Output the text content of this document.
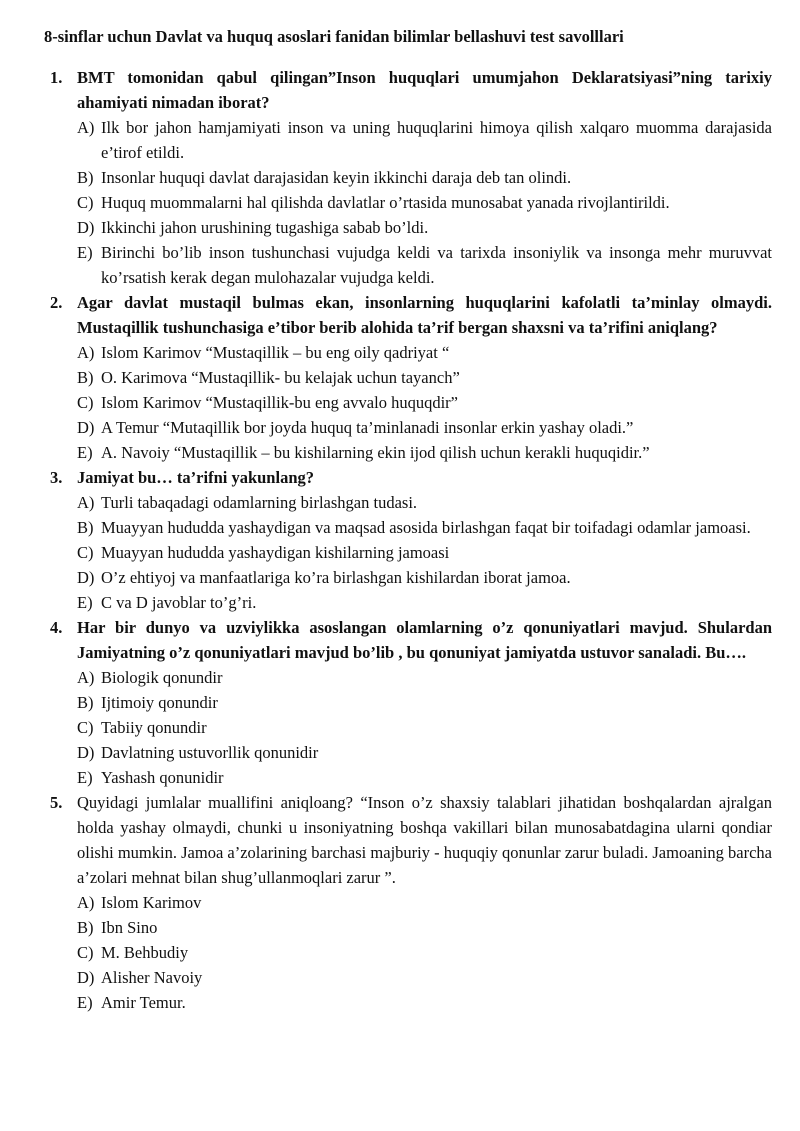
8-sinflar uchun Davlat va huquq asoslari fanidan bilimlar bellashuvi test savolllari
1. BMT tomonidan qabul qilingan”Inson huquqlari umumjahon Deklaratsiyasi”ning tarixiy ahamiyati nimadan iborat?
A) Ilk bor jahon hamjamiyati inson va uning huquqlarini himoya qilish xalqaro muomma darajasida e’tirof etildi.
B) Insonlar huquqi davlat darajasidan keyin ikkinchi daraja deb tan olindi.
C) Huquq muommalarni hal qilishda davlatlar o’rtasida munosabat yanada rivojlantirildi.
D) Ikkinchi jahon urushining tugashiga sabab bo’ldi.
E) Birinchi bo’lib inson tushunchasi vujudga keldi va tarixda insoniylik va insonga mehr muruvvat ko’rsatish kerak degan mulohazalar vujudga keldi.
2. Agar davlat mustaqil bulmas ekan, insonlarning huquqlarini kafolatli ta’minlay olmaydi. Mustaqillik tushunchasiga e’tibor berib alohida ta’rif bergan shaxsni va ta’rifini aniqlang?
A) Islom Karimov “Mustaqillik – bu eng oily qadriyat “
B) O. Karimova “Mustaqillik- bu kelajak uchun tayanch”
C) Islom Karimov “Mustaqillik-bu eng avvalo huquqdir”
D) A Temur “Mutaqillik bor joyda huquq ta’minlanadi insonlar erkin yashay oladi.”
E) A. Navoiy “Mustaqillik – bu kishilarning ekin ijod qilish uchun kerakli huquqidir.”
3. Jamiyat bu… ta’rifni yakunlang?
A) Turli tabaqadagi odamlarning birlashgan tudasi.
B) Muayyan hududda yashaydigan va maqsad asosida birlashgan faqat bir toifadagi odamlar jamoasi.
C) Muayyan hududda yashaydigan kishilarning jamoasi
D) O’z ehtiyoj va manfaatlariga ko’ra birlashgan kishilardan iborat jamoa.
E) C va D javoblar to’g’ri.
4. Har bir dunyo va uzviylikka asoslangan olamlarning o’z qonuniyatlari mavjud. Shulardan Jamiyatning o’z qonuniyatlari mavjud bo’lib , bu qonuniyat jamiyatda ustuvor sanaladi. Bu….
A) Biologik qonundir
B) Ijtimoiy qonundir
C) Tabiiy qonundir
D) Davlatning ustuvorllik qonunidir
E) Yashash qonunidir
5. Quyidagi jumlalar muallifini aniqloang? “Inson o’z shaxsiy talablari jihatidan boshqalardan ajralgan holda yashay olmaydi, chunki u insoniyatning boshqa vakillari bilan munosabatdagina ularni qondiar olishi mumkin. Jamoa a’zolarining barchasi majburiy - huquqiy qonunlar zarur buladi. Jamoaning barcha a’zolari mehnat bilan shug’ullanmoqlari zarur ”.
A) Islom Karimov
B) Ibn Sino
C) M. Behbudiy
D) Alisher Navoiy
E) Amir Temur.
